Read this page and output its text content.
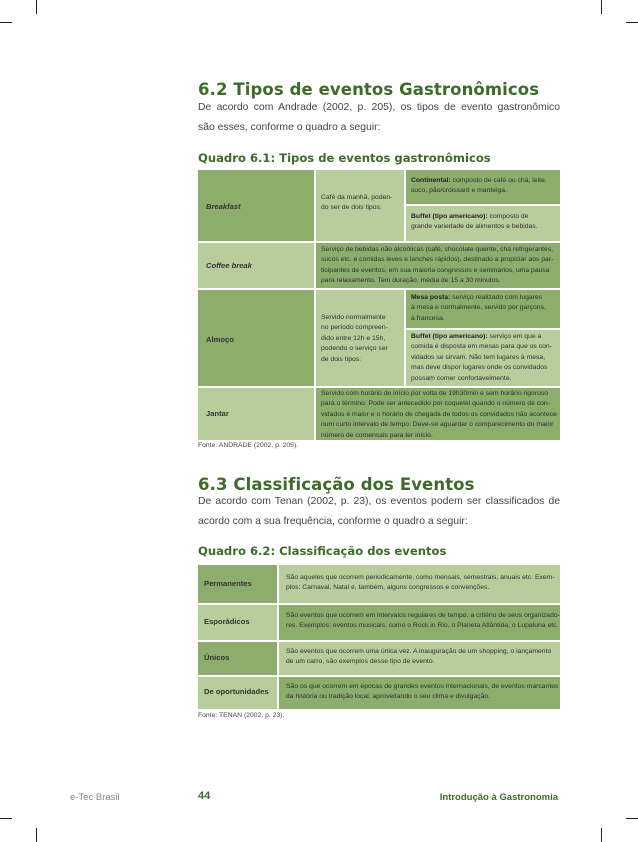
6.2 Tipos de eventos Gastronômicos
De acordo com Andrade (2002, p. 205), os tipos de evento gastronômico
são esses, conforme o quadro a seguir:
Quadro 6.1: Tipos de eventos gastronômicos
Breakfast
Café da manhã, poden-
do ser de dois tipos:
Continental: composto de café ou chá, leite,
suco, pão/croissant e manteiga.
Buffet (tipo americano): composto de
grande variedade de alimentos e bebidas.
Coffee break
Serviço de bebidas não alcoólicas (café, chocolate quente, chá refrigerantes,
sucos etc. e comidas leves e lanches rápidos), destinado a propiciar aos par-
ticipantes de eventos, em sua maioria congressos e seminários, uma pausa
para relaxamento. Tem duração, média de 15 a 30 minutos.
Almoço
Servido normalmente
no período compreen-
dido entre 12h e 15h,
podendo o serviço ser
de dois tipos:
Mesa posta: serviço realizado com lugares
à mesa e normalmente, servido por garçons,
à francesa.
Buffet (tipo americano): serviço em que a
comida é disposta em mesas para que os con-
vidados se sirvam. Não tem lugares à mesa,
mas deve dispor lugares onde os convidados
possam comer confortavelmente.
Jantar
Servido com horário de início por volta de 19h30min e sem horário rigoroso
para o término. Pode ser antecedido por coquetel quando o número de con-
vidados é maior e o horário de chegada de todos os convidados não acontece
num curto intervalo de tempo. Deve-se aguardar o comparecimento do maior
número de comensais para ter início.
Fonte: ANDRADE (2002, p. 205).
6.3 Classificação dos Eventos
De acordo com Tenan (2002, p. 23), os eventos podem ser classificados de
acordo com a sua frequência, conforme o quadro a seguir:
Quadro 6.2: Classificação dos eventos
Permanentes
São aqueles que ocorrem periodicamente, como mensais, semestrais, anuais etc. Exem-
plos: Carnaval, Natal e, também, alguns congressos e convenções.
Esporádicos
São eventos que ocorrem em intervalos regulares de tempo, a critério de seus organizado-
res. Exemplos: eventos musicais, como o Rock in Rio, o Planeta Atlântida, o Lupaluna etc.
Únicos
São eventos que ocorrem uma única vez. A inauguração de um shopping, o lançamento
de um carro, são exemplos desse tipo de evento.
De oportunidades
São os que ocorrem em épocas de grandes eventos internacionais, de eventos marcantes
da história ou tradição local, aproveitando o seu clima e divulgação.
Fonte: TENAN (2002, p. 23).
e-Tec Brasil	44	Introdução à Gastronomia
